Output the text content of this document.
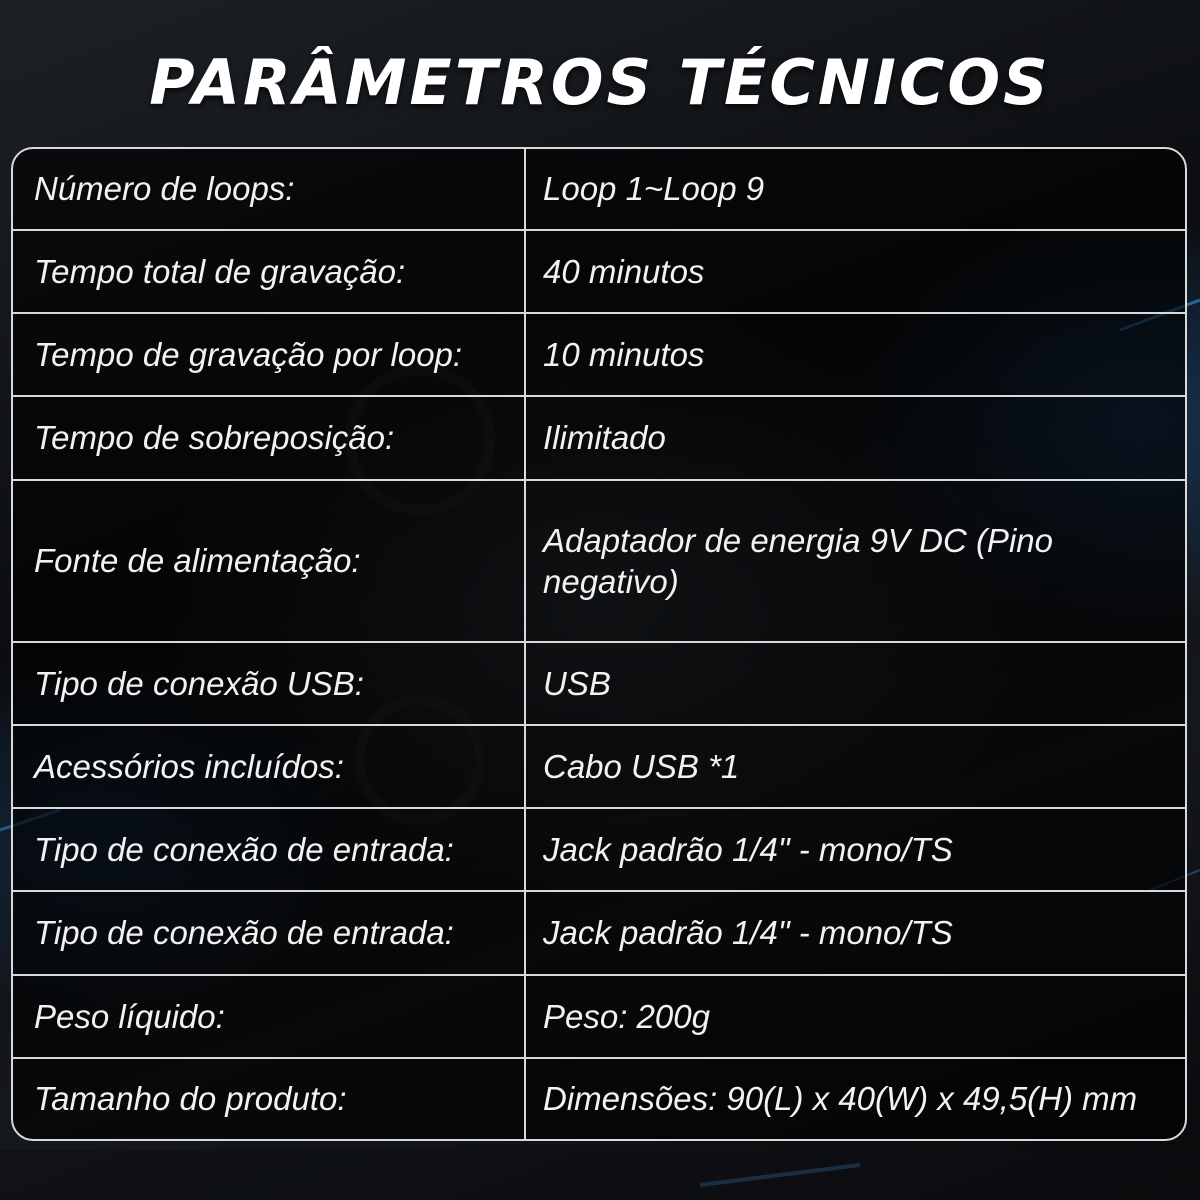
PARÂMETROS TÉCNICOS
Número de loops:	Loop 1~Loop 9
Tempo total de gravação:	40 minutos
Tempo de gravação por loop:	10 minutos
Tempo de sobreposição:	Ilimitado
Fonte de alimentação:	Adaptador de energia 9V DC (Pino negativo)
Tipo de conexão USB:	USB
Acessórios incluídos:	Cabo USB *1
Tipo de conexão de entrada:	Jack padrão 1/4" - mono/TS
Tipo de conexão de entrada:	Jack padrão 1/4" - mono/TS
Peso líquido:	Peso: 200g
Tamanho do produto:	Dimensões: 90(L) x 40(W) x 49,5(H) mm
